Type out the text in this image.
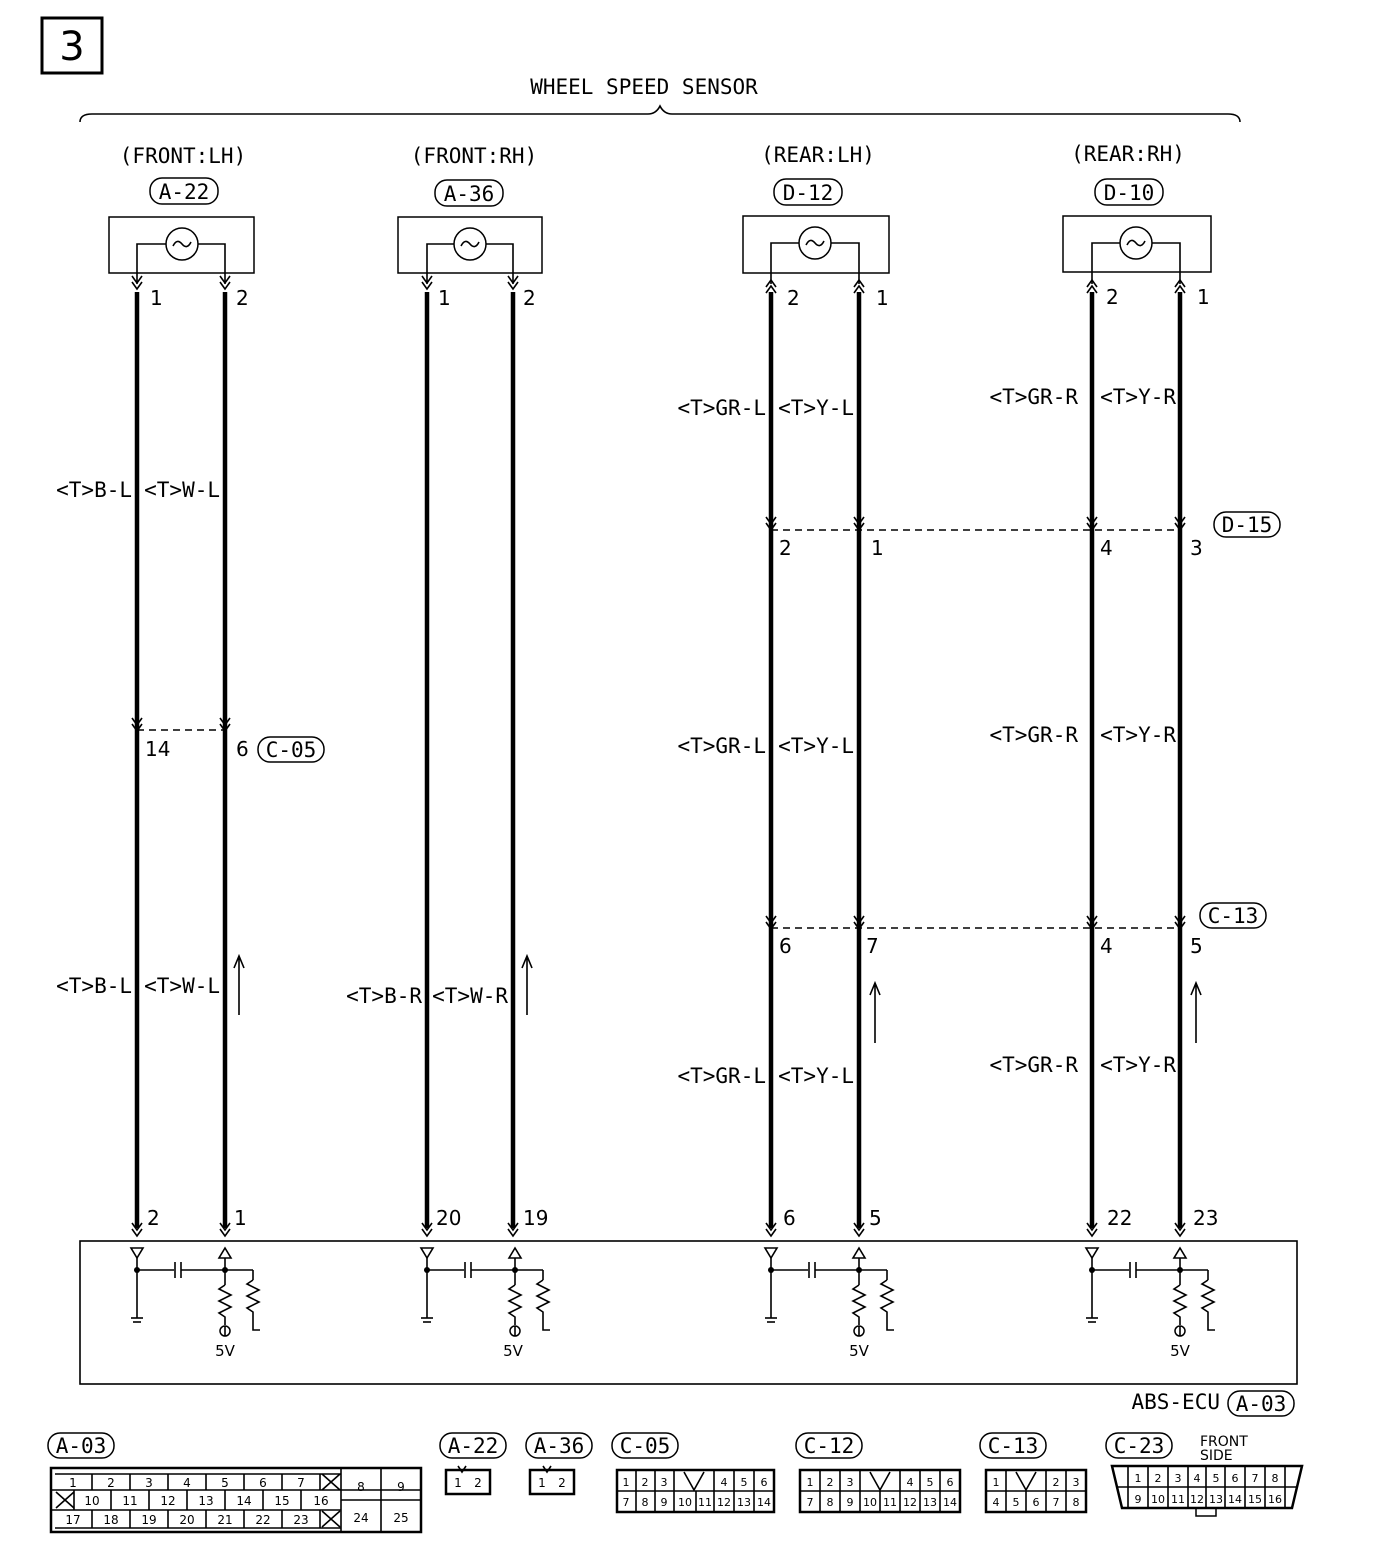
3
WHEEL SPEED SENSOR
(FRONT:LH)
A-22
1	2
(FRONT:RH)
A-36
1	2
(REAR:LH)
D-12
2	1
(REAR:RH)
D-10
2	1
<T>B-L <T>W-L
<T>B-L <T>W-L	<T>B-R <T>W-R
<T>GR-L <T>Y-L
<T>GR-L <T>Y-L
<T>GR-L <T>Y-L
<T>GR-R <T>Y-R
<T>GR-R <T>Y-R
<T>GR-R <T>Y-R
2	1	4	3
D-15
14	6 C-05
6	7	4	5
C-13
2	1	20	19	6	5	22	23
ABS-ECU A-03
5V	5V	5V	5V
A-03
1	2	3	4	5	6	7
10 11 12 13 14 15 16
17 18 19 20 21 22 23
8	9
24 25
A-22
1 2
A-36
1 2
C-05
1 2 3	4 5 6
7 8 9 10 11 12 13 14
C-12
1 2 3	4 5 6
7 8 9 10 11 12 13 14
C-13
1	2 3
4 5 6 7 8
C-23	FRONT
SIDE
1 2 3 4 5 6 7 8
9 10 11 12 13 14 15 16
